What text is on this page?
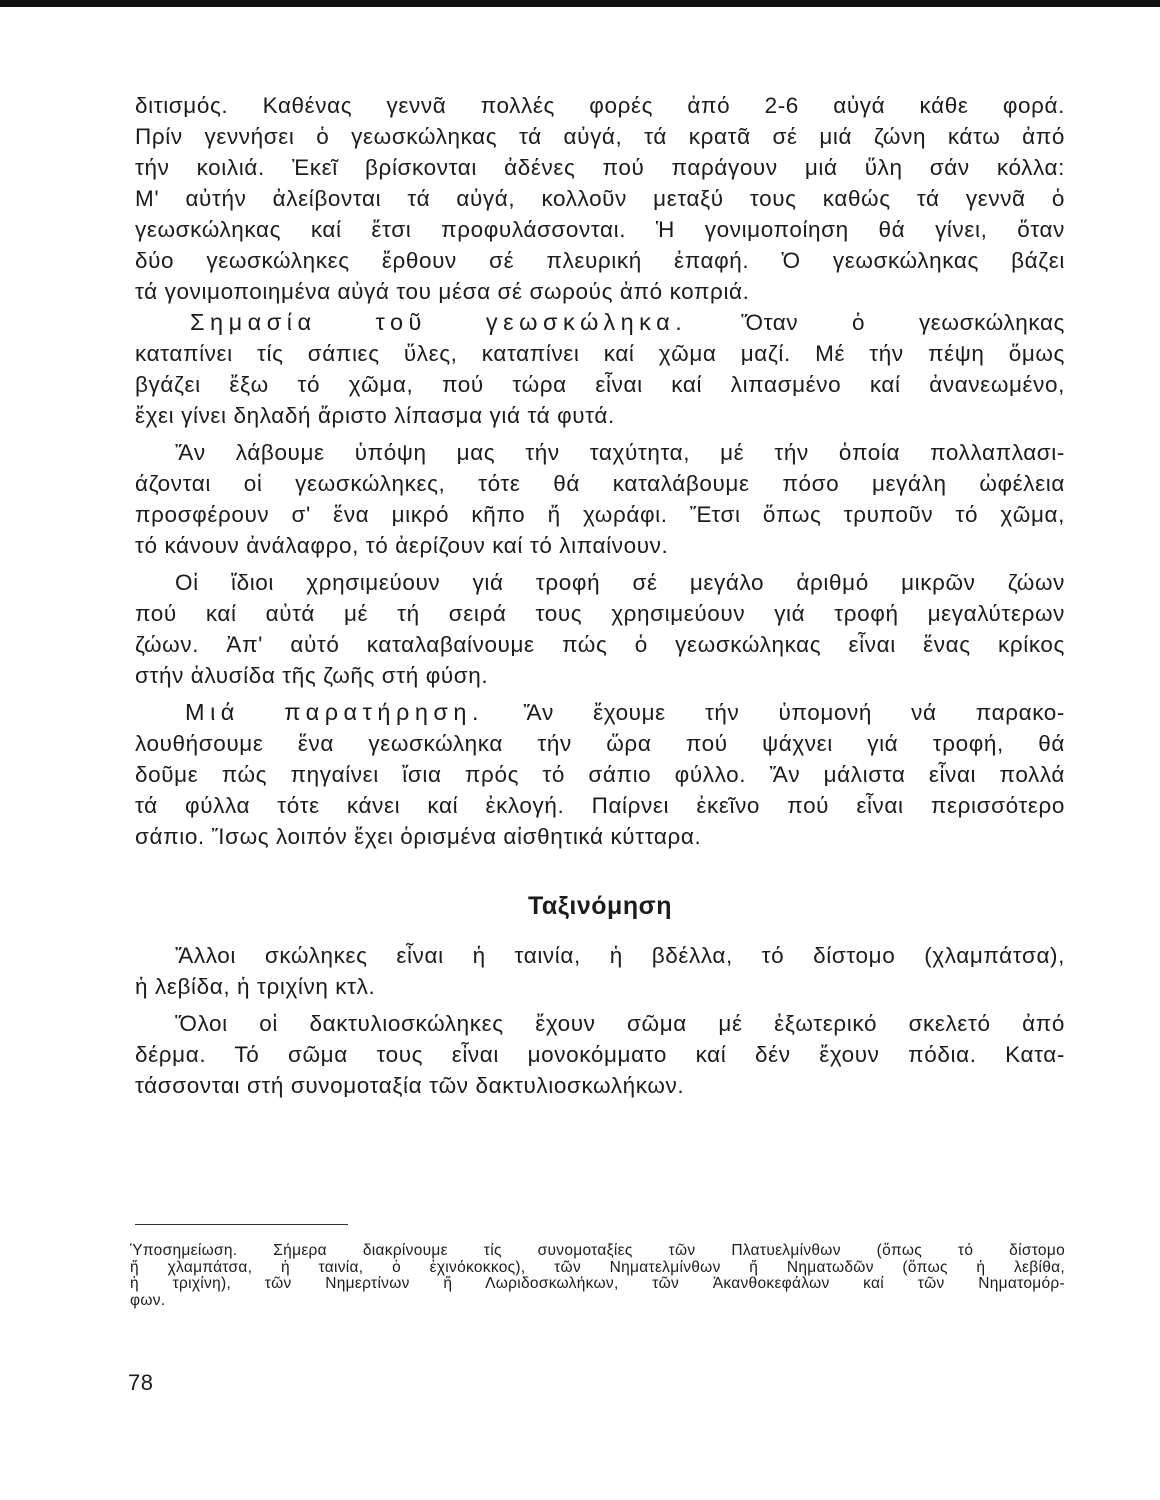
διτισμός. Καθένας γεννᾶ πολλές φορές ἀπό 2-6 αὐγά κάθε φορά.
Πρίν γεννήσει ὁ γεωσκώληκας τά αὐγά, τά κρατᾶ σέ μιά ζώνη κάτω ἀπό
τήν κοιλιά. Ἐκεῖ βρίσκονται ἀδένες πού παράγουν μιά ὕλη σάν κόλλα:
Μ' αὐτήν ἀλείβονται τά αὐγά, κολλοῦν μεταξύ τους καθώς τά γεννᾶ ὁ
γεωσκώληκας καί ἔτσι προφυλάσσονται. Ἡ γονιμοποίηση θά γίνει, ὅταν
δύο γεωσκώληκες ἔρθουν σέ πλευρική ἐπαφή. Ὁ γεωσκώληκας βάζει
τά γονιμοποιημένα αὐγά του μέσα σέ σωρούς ἀπό κοπριά.
Σημασία τοῦ γεωσκώληκα. Ὅταν ὁ γεωσκώληκας
καταπίνει τίς σάπιες ὕλες, καταπίνει καί χῶμα μαζί. Μέ τήν πέψη ὅμως
βγάζει ἔξω τό χῶμα, πού τώρα εἶναι καί λιπασμένο καί ἀνανεωμένο,
ἔχει γίνει δηλαδή ἄριστο λίπασμα γιά τά φυτά.
Ἄν λάβουμε ὑπόψη μας τήν ταχύτητα, μέ τήν ὁποία πολλαπλασι-
άζονται οἱ γεωσκώληκες, τότε θά καταλάβουμε πόσο μεγάλη ὠφέλεια
προσφέρουν σ' ἕνα μικρό κῆπο ἤ χωράφι. Ἔτσι ὅπως τρυποῦν τό χῶμα,
τό κάνουν ἀνάλαφρο, τό ἀερίζουν καί τό λιπαίνουν.
Οἱ ἴδιοι χρησιμεύουν γιά τροφή σέ μεγάλο ἀριθμό μικρῶν ζώων
πού καί αὐτά μέ τή σειρά τους χρησιμεύουν γιά τροφή μεγαλύτερων
ζώων. Ἀπ' αὐτό καταλαβαίνουμε πώς ὁ γεωσκώληκας εἶναι ἕνας κρίκος
στήν ἁλυσίδα τῆς ζωῆς στή φύση.
Μιά παρατήρηση. Ἄν ἔχουμε τήν ὑπομονή νά παρακο-
λουθήσουμε ἕνα γεωσκώληκα τήν ὥρα πού ψάχνει γιά τροφή, θά
δοῦμε πώς πηγαίνει ἴσια πρός τό σάπιο φύλλο. Ἄν μάλιστα εἶναι πολλά
τά φύλλα τότε κάνει καί ἐκλογή. Παίρνει ἐκεῖνο πού εἶναι περισσότερο
σάπιο. Ἴσως λοιπόν ἔχει ὁρισμένα αἰσθητικά κύτταρα.
Ταξινόμηση
Ἄλλοι σκώληκες εἶναι ἡ ταινία, ἡ βδέλλα, τό δίστομο (χλαμπάτσα),
ἡ λεβίδα, ἡ τριχίνη κτλ.
Ὅλοι οἱ δακτυλιοσκώληκες ἔχουν σῶμα μέ ἐξωτερικό σκελετό ἀπό
δέρμα. Τό σῶμα τους εἶναι μονοκόμματο καί δέν ἔχουν πόδια. Κατα-
τάσσονται στή συνομοταξία τῶν δακτυλιοσκωλήκων.
Ὑποσημείωση. Σήμερα διακρίνουμε τίς συνομοταξίες τῶν Πλατυελμίνθων (ὅπως τό δίστομο
ἤ χλαμπάτσα, ἡ ταινία, ὁ ἐχινόκοκκος), τῶν Νηματελμίνθων ἤ Νηματωδῶν (ὅπως ἡ λεβίθα,
ἡ τριχίνη), τῶν Νημερτίνων ἤ Λωριδοσκωλήκων, τῶν Ἀκανθοκεφάλων καί τῶν Νηματομόρ-
φων.
78
